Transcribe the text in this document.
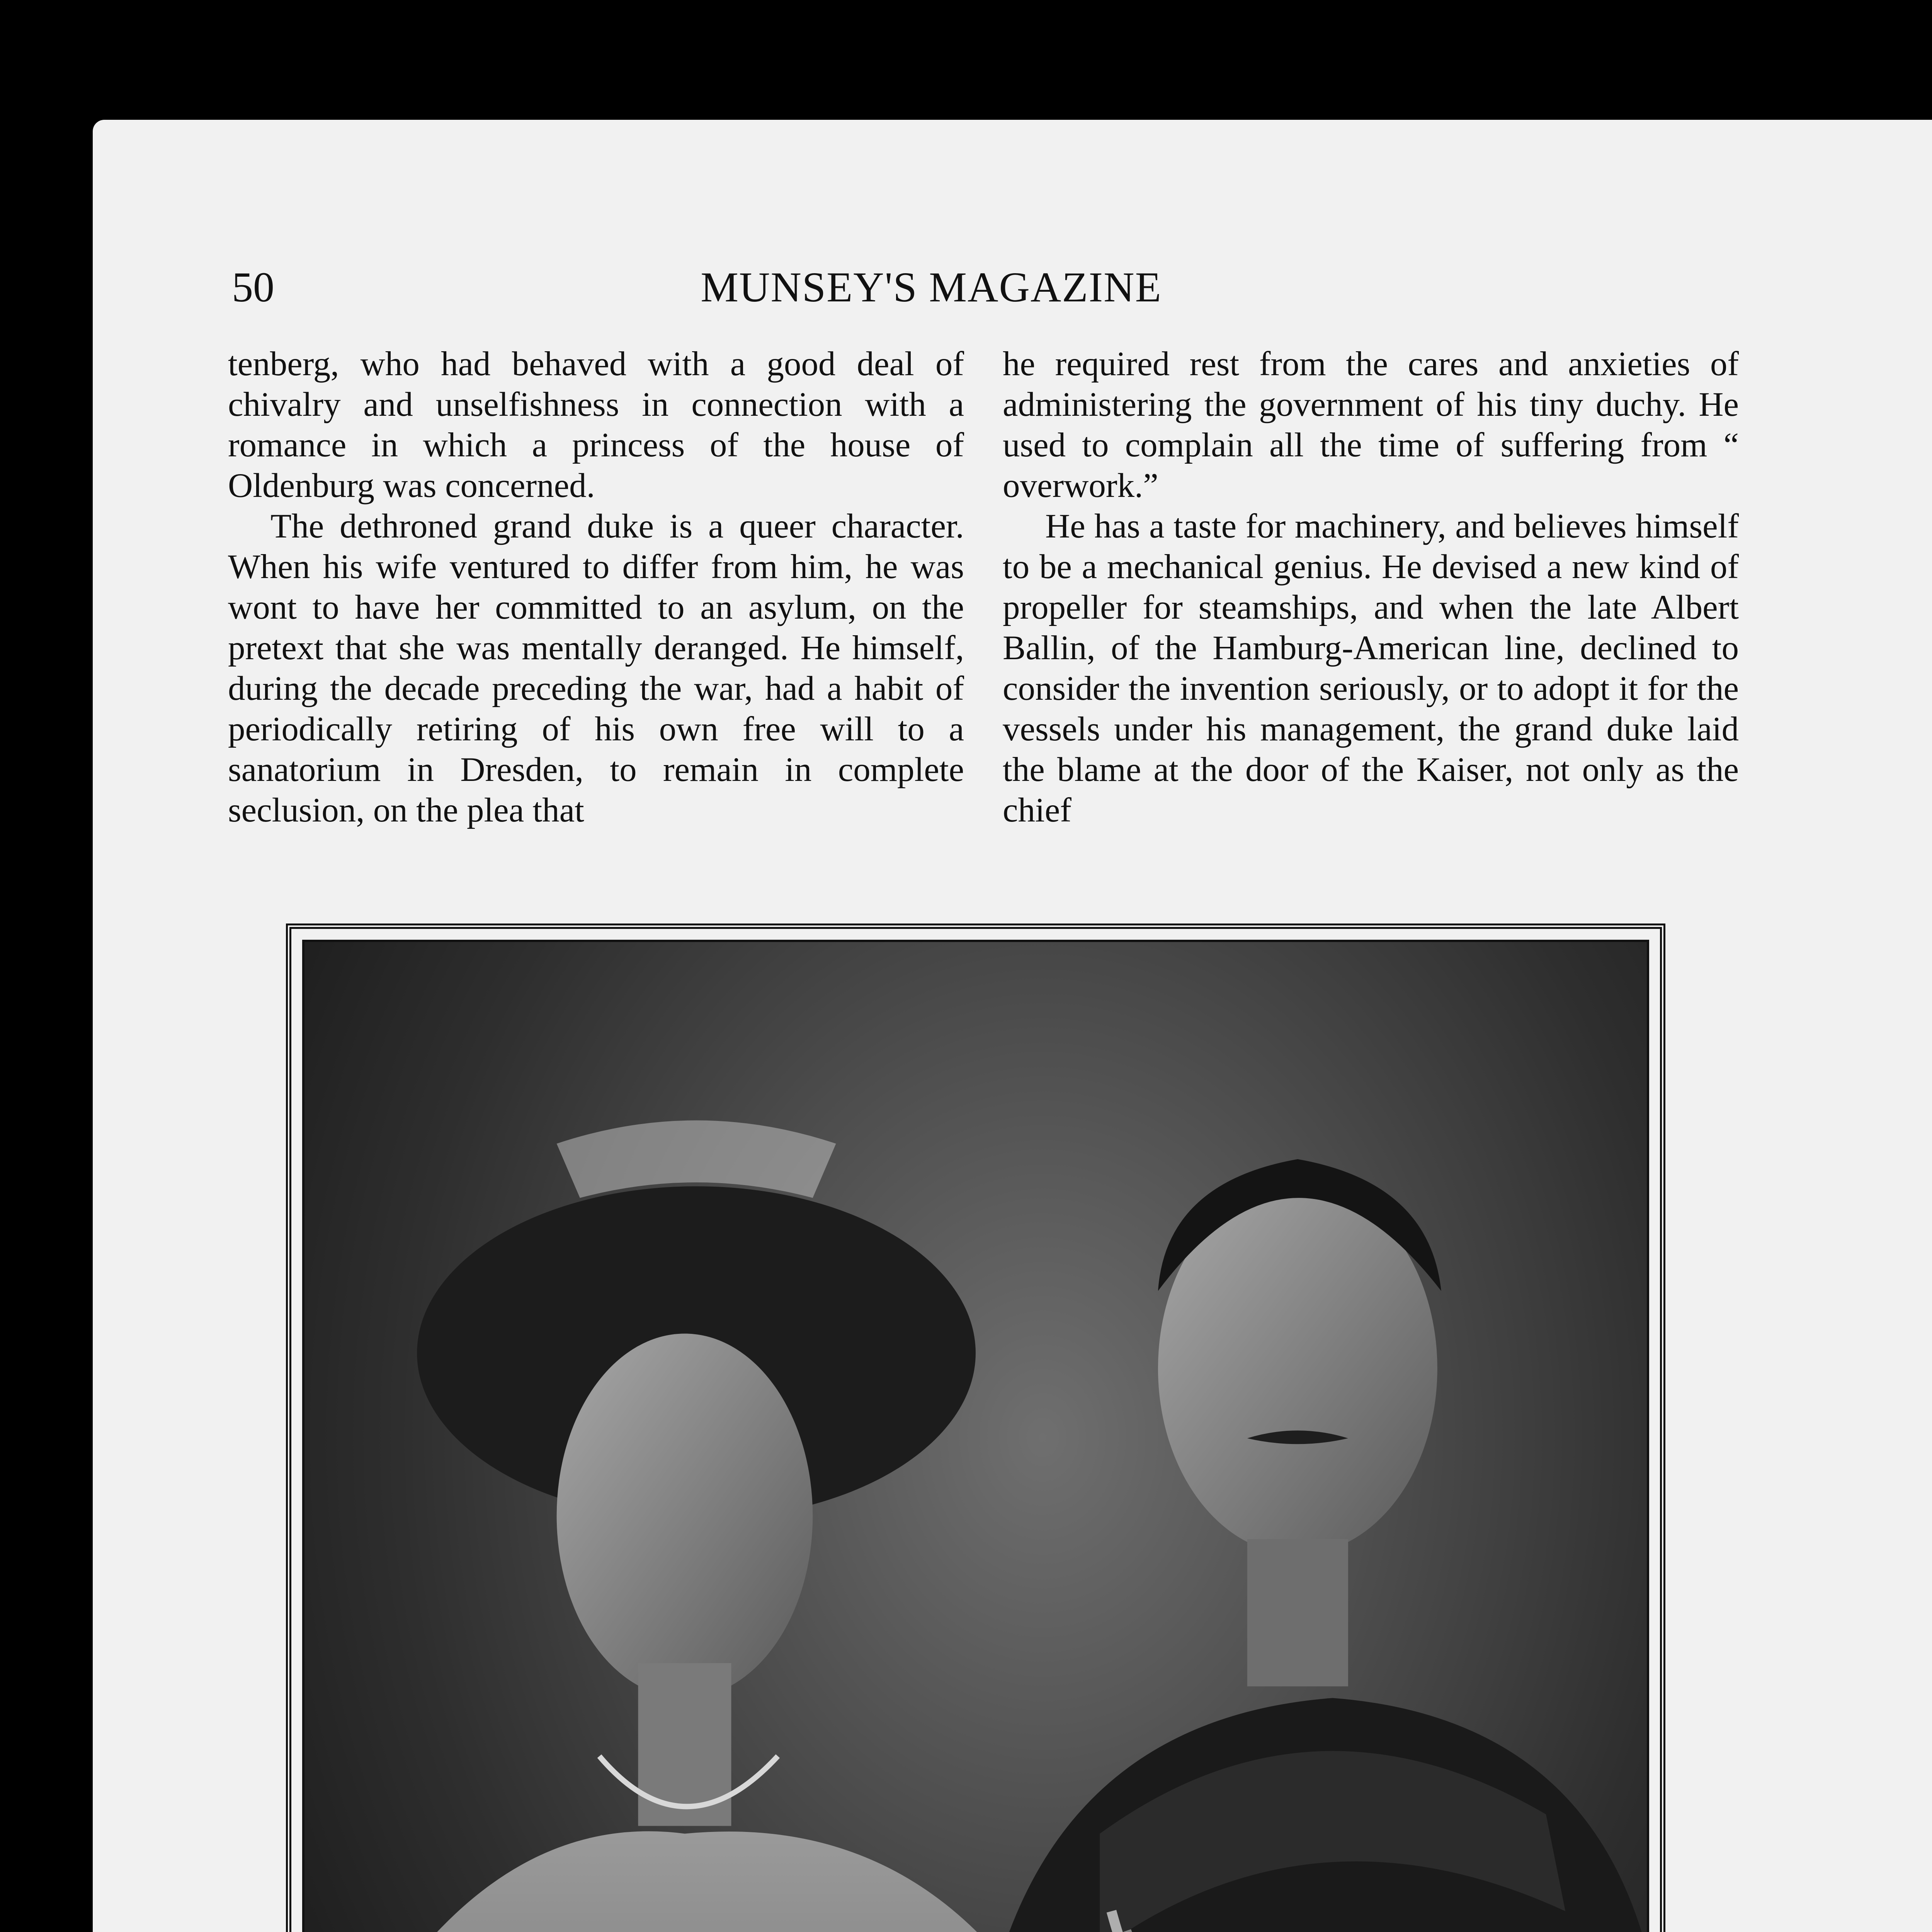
50	MUNSEY'S MAGAZINE

tenberg, who had behaved with a good deal of chivalry and unselfishness in connection with a romance in which a princess of the house of Oldenburg was concerned.

The dethroned grand duke is a queer character. When his wife ventured to differ from him, he was wont to have her committed to an asylum, on the pretext that she was mentally deranged. He himself, during the decade preceding the war, had a habit of periodically retiring of his own free will to a sanatorium in Dresden, to remain in complete seclusion, on the plea that

he required rest from the cares and anxieties of administering the government of his tiny duchy. He used to complain all the time of suffering from “ overwork.”

He has a taste for machinery, and believes himself to be a mechanical genius. He devised a new kind of propeller for steamships, and when the late Albert Ballin, of the Hamburg-American line, declined to consider the invention seriously, or to adopt it for the vessels under his management, the grand duke laid the blame at the door of the Kaiser, not only as the chief
